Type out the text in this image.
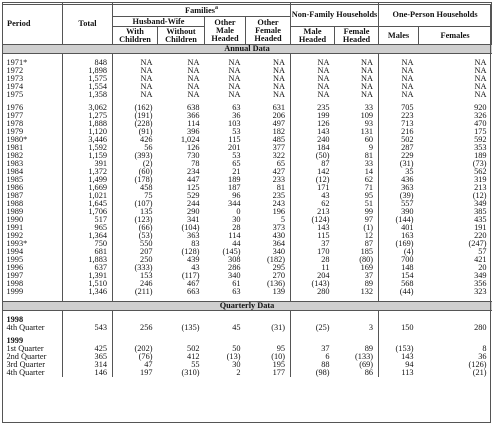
Period	Total	Families$^a$				Non-Family Households		One-Person Households	
		Husband-Wife		Other Male Headed	Other Female Headed				
		With Children	Without Children			Male Headed	Female Headed	Males	Females
Annual Data									

1971*	848	NA	NA	NA	NA	NA	NA	NA	NA
1972	1,898	NA	NA	NA	NA	NA	NA	NA	NA
1973	1,575	NA	NA	NA	NA	NA	NA	NA	NA
1974	1,554	NA	NA	NA	NA	NA	NA	NA	NA
1975	1,358	NA	NA	NA	NA	NA	NA	NA	NA

1976	3,062	(162)	638	63	631	235	33	705	920
1977	1,275	(191)	366	36	206	199	109	223	326
1978	1,888	(228)	114	103	497	126	93	713	470
1979	1,120	(91)	396	53	182	143	131	216	175
1980*	3,446	426	1,024	115	485	240	60	502	592
1981	1,592	56	126	201	377	184	9	287	353
1982	1,159	(393)	730	53	322	(50)	81	229	189
1983	391	(2)	78	65	65	87	33	(31)	(73)
1984	1,372	(60)	234	21	427	142	14	35	562
1985	1,499	(178)	447	189	233	(12)	62	436	319
1986	1,669	458	125	187	81	171	71	363	213
1987	1,021	75	529	96	235	43	95	(39)	(12)
1988	1,645	(107)	244	344	243	62	51	557	349
1989	1,706	135	290	0	196	213	99	390	385
1990	517	(123)	341	30	5	(124)	97	(144)	435
1991	965	(66)	(104)	28	373	143	(1)	401	191
1992	1,364	(53)	363	114	430	115	12	163	220
1993*	750	550	83	44	364	37	87	(169)	(247)
1994	681	207	(128)	(145)	340	170	185	(4)	57
1995	1,883	250	439	308	(182)	28	(80)	700	421
1996	637	(333)	43	286	295	11	169	148	20
1997	1,391	153	(117)	340	270	204	37	154	349
1998	1,510	246	467	61	(136)	(143)	89	568	356
1999	1,346	(211)	663	63	139	280	132	(44)	323

Quarterly Data									

1998									
4th Quarter	543	256	(135)	45	(31)	(25)	3	150	280

1999									
1st Quarter	425	(202)	502	50	95	37	89	(153)	8
2nd Quarter	365	(76)	412	(13)	(10)	6	(133)	143	36
3rd Quarter	314	47	55	30	195	88	(69)	94	(126)
4th Quarter	146	197	(310)	2	177	(98)	86	113	(21)
